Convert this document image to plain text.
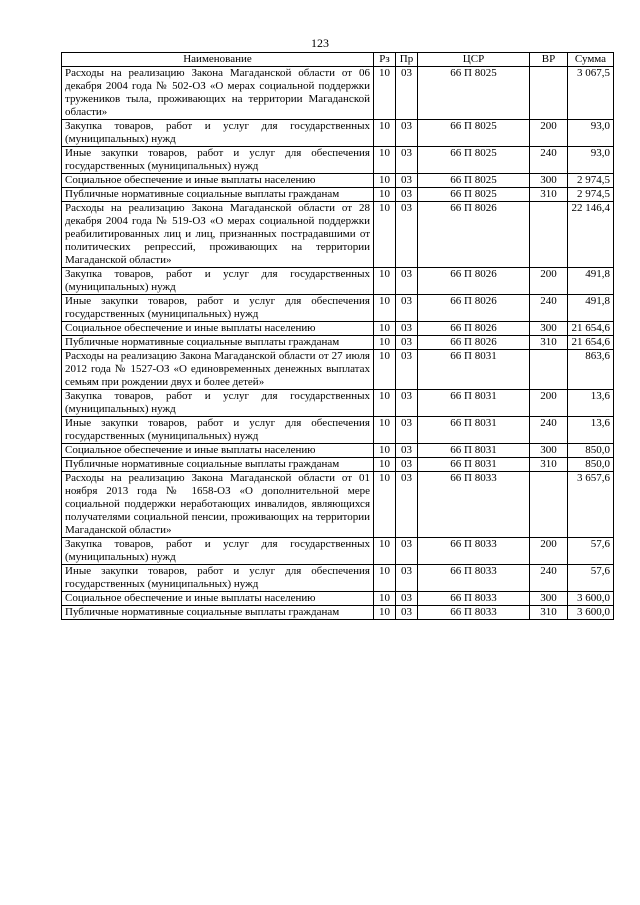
123
Наименование	Рз	Пр	ЦСР	ВР	Сумма
Расходы на реализацию Закона Магаданской области от 06 декабря 2004 года № 502-ОЗ «О мерах социальной поддержки тружеников тыла, проживающих на территории Магаданской области»	10	03	66 П 8025		3 067,5
Закупка товаров, работ и услуг для государственных (муниципальных) нужд	10	03	66 П 8025	200	93,0
Иные закупки товаров, работ и услуг для обеспечения государственных (муниципальных) нужд	10	03	66 П 8025	240	93,0
Социальное обеспечение и иные выплаты населению	10	03	66 П 8025	300	2 974,5
Публичные нормативные социальные выплаты гражданам	10	03	66 П 8025	310	2 974,5
Расходы на реализацию Закона Магаданской области от 28 декабря 2004 года № 519-ОЗ «О мерах социальной поддержки реабилитированных лиц и лиц, признанных пострадавшими от политических репрессий, проживающих на территории Магаданской области»	10	03	66 П 8026		22 146,4
Закупка товаров, работ и услуг для государственных (муниципальных) нужд	10	03	66 П 8026	200	491,8
Иные закупки товаров, работ и услуг для обеспечения государственных (муниципальных) нужд	10	03	66 П 8026	240	491,8
Социальное обеспечение и иные выплаты населению	10	03	66 П 8026	300	21 654,6
Публичные нормативные социальные выплаты гражданам	10	03	66 П 8026	310	21 654,6
Расходы на реализацию Закона Магаданской области от 27 июля 2012 года № 1527-ОЗ «О единовременных денежных выплатах семьям при рождении двух и более детей»	10	03	66 П 8031		863,6
Закупка товаров, работ и услуг для государственных (муниципальных) нужд	10	03	66 П 8031	200	13,6
Иные закупки товаров, работ и услуг для обеспечения государственных (муниципальных) нужд	10	03	66 П 8031	240	13,6
Социальное обеспечение и иные выплаты населению	10	03	66 П 8031	300	850,0
Публичные нормативные социальные выплаты гражданам	10	03	66 П 8031	310	850,0
Расходы на реализацию Закона Магаданской области от 01 ноября 2013 года № 1658-ОЗ «О дополнительной мере социальной поддержки неработающих инвалидов, являющихся получателями социальной пенсии, проживающих на территории Магаданской области»	10	03	66 П 8033		3 657,6
Закупка товаров, работ и услуг для государственных (муниципальных) нужд	10	03	66 П 8033	200	57,6
Иные закупки товаров, работ и услуг для обеспечения государственных (муниципальных) нужд	10	03	66 П 8033	240	57,6
Социальное обеспечение и иные выплаты населению	10	03	66 П 8033	300	3 600,0
Публичные нормативные социальные выплаты гражданам	10	03	66 П 8033	310	3 600,0
